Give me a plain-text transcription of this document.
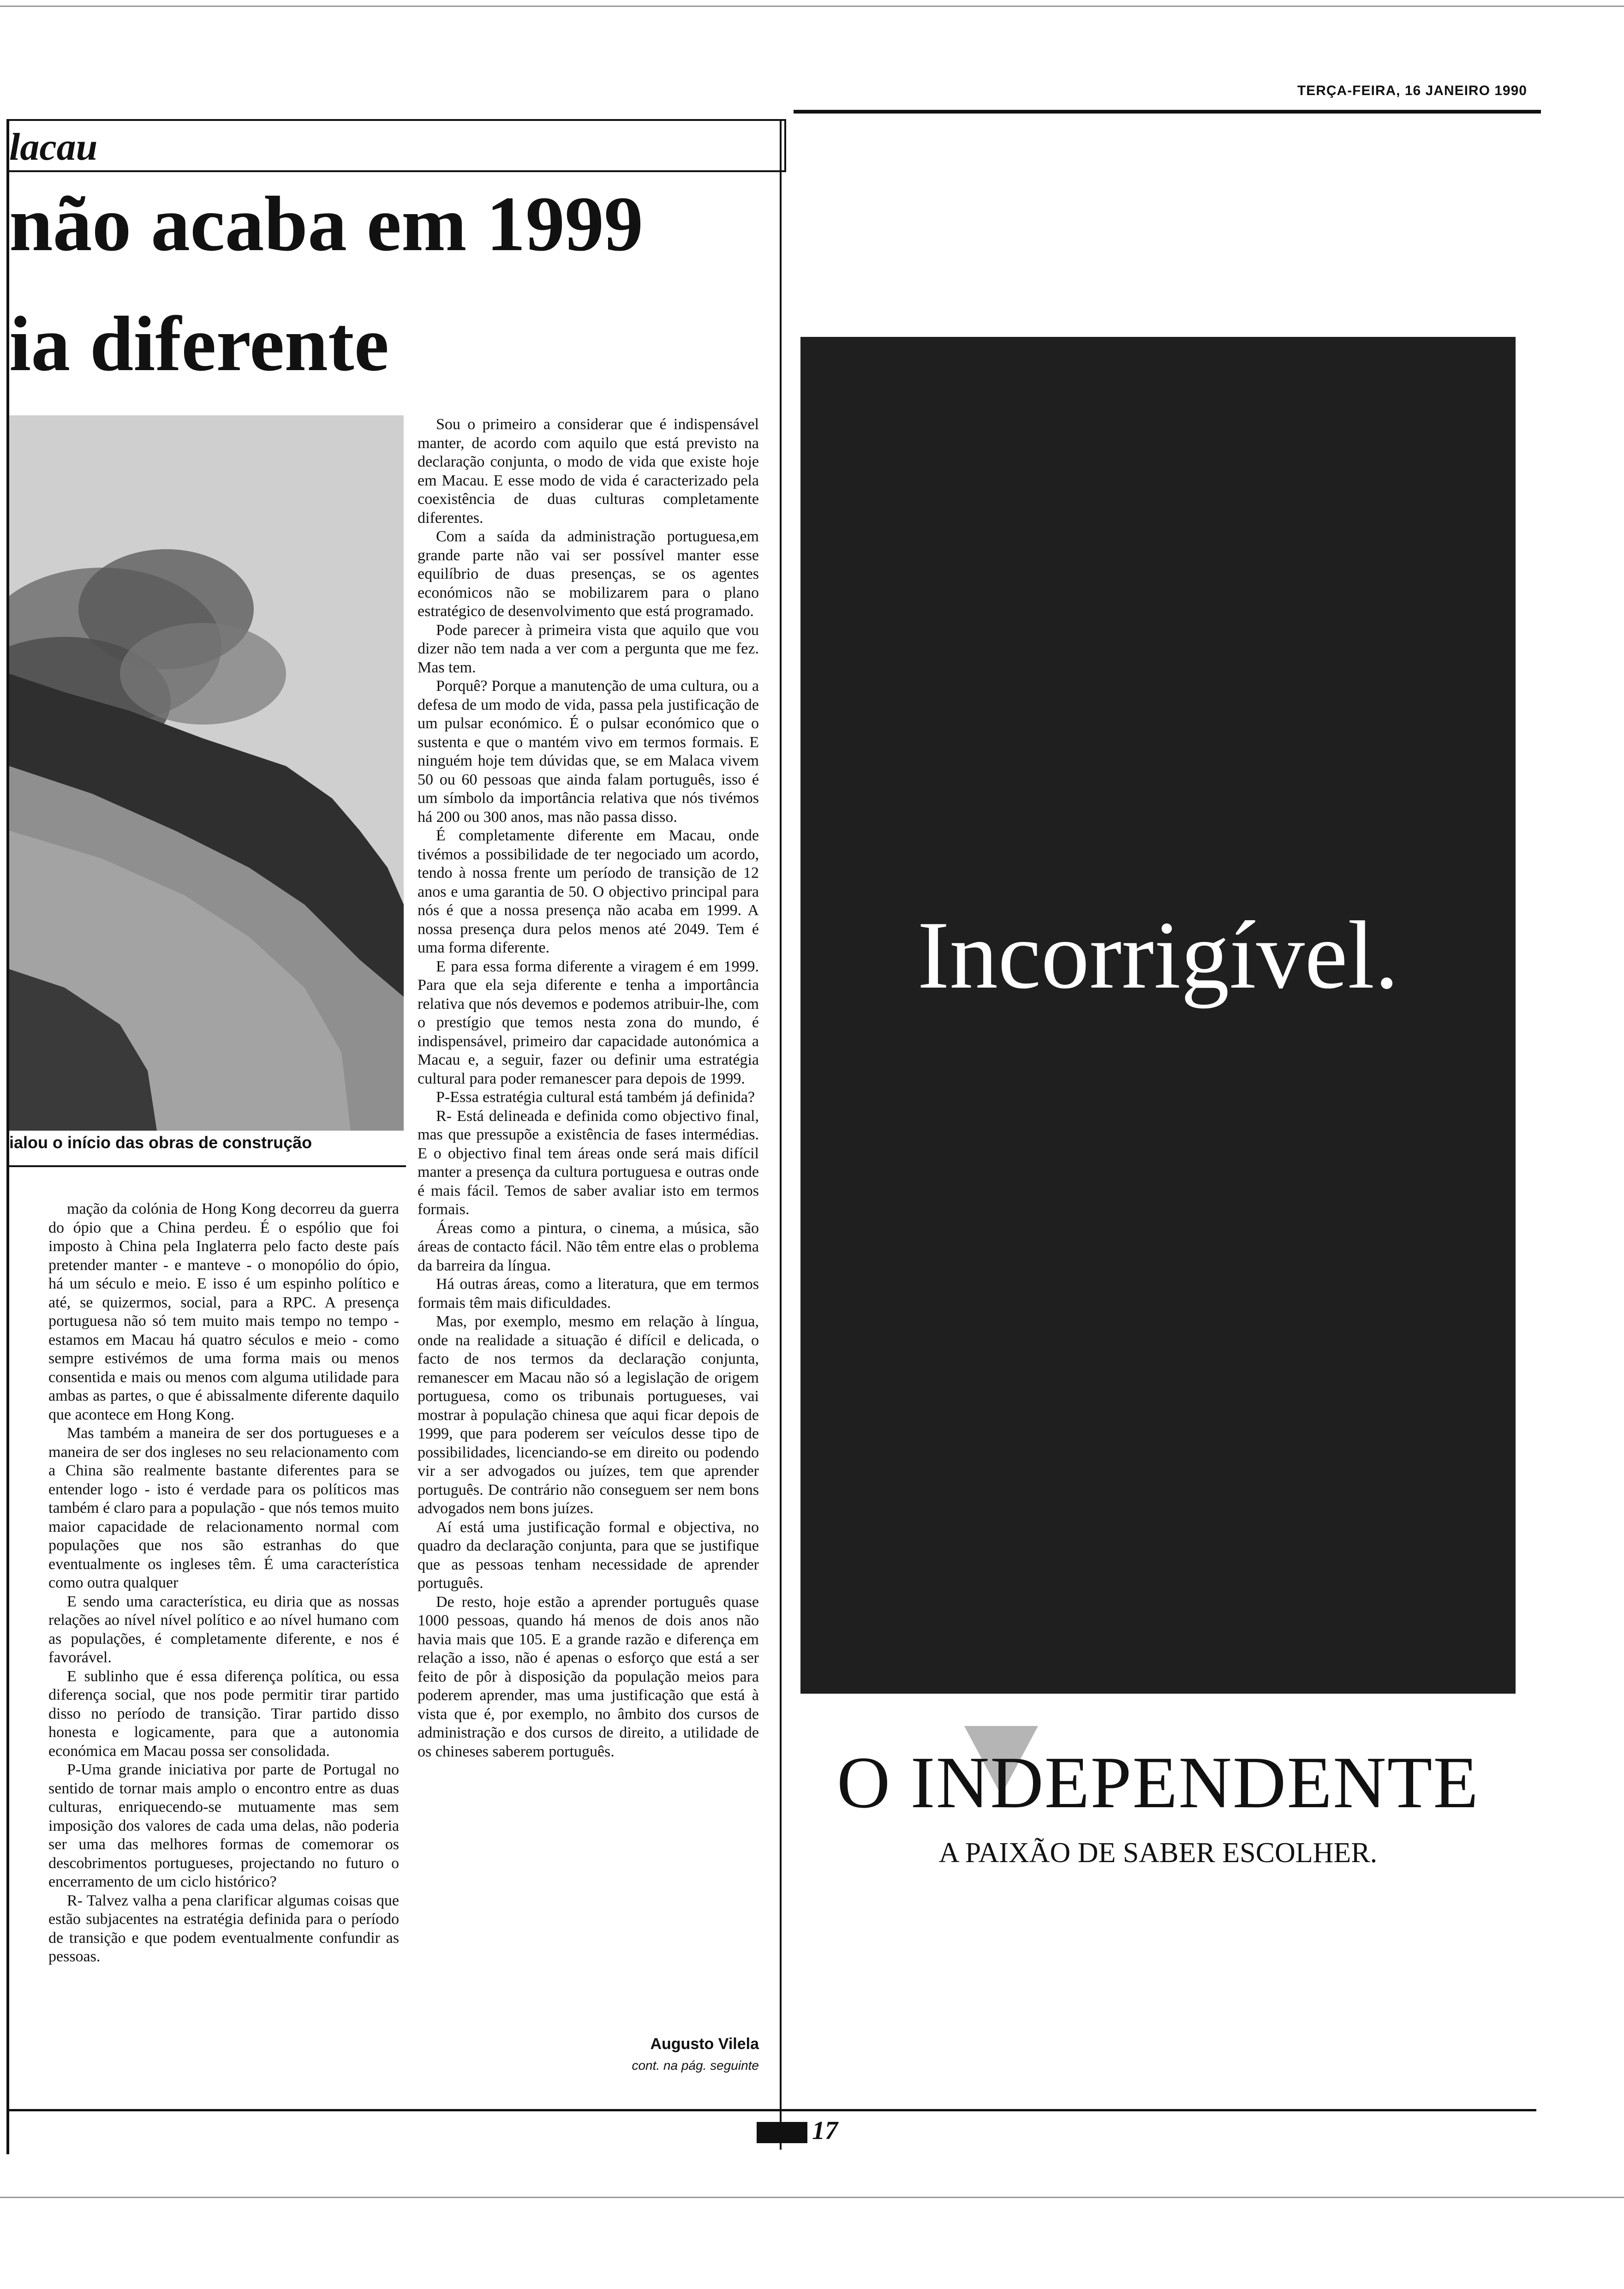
TERÇA-FEIRA, 16 JANEIRO 1990
lacau
não acaba em 1999
ia diferente
ialou o início das obras de construção

mação da colónia de Hong Kong decorreu da guerra do ópio que a China perdeu. É o espólio que foi imposto à China pela Inglaterra pelo facto deste país pretender manter - e manteve - o monopólio do ópio, há um século e meio. E isso é um espinho político e até, se quizermos, social, para a RPC. A presença portuguesa não só tem muito mais tempo no tempo - estamos em Macau há quatro séculos e meio - como sempre estivémos de uma forma mais ou menos consentida e mais ou menos com alguma utilidade para ambas as partes, o que é abissalmente diferente daquilo que acontece em Hong Kong.

Mas também a maneira de ser dos portugueses e a maneira de ser dos ingleses no seu relacionamento com a China são realmente bastante diferentes para se entender logo - isto é verdade para os políticos mas também é claro para a população - que nós temos muito maior capacidade de relacionamento normal com populações que nos são estranhas do que eventualmente os ingleses têm. É uma característica como outra qualquer

E sendo uma característica, eu diria que as nossas relações ao nível nível político e ao nível humano com as populações, é completamente diferente, e nos é favorável.

E sublinho que é essa diferença política, ou essa diferença social, que nos pode permitir tirar partido disso no período de transição. Tirar partido disso honesta e logicamente, para que a autonomia económica em Macau possa ser consolidada.

P-Uma grande iniciativa por parte de Portugal no sentido de tornar mais amplo o encontro entre as duas culturas, enriquecendo-se mutuamente mas sem imposição dos valores de cada uma delas, não poderia ser uma das melhores formas de comemorar os descobrimentos portugueses, projectando no futuro o encerramento de um ciclo histórico?

R- Talvez valha a pena clarificar algumas coisas que estão subjacentes na estratégia definida para o período de transição e que podem eventualmente confundir as pessoas.

Sou o primeiro a considerar que é indispensável manter, de acordo com aquilo que está previsto na declaração conjunta, o modo de vida que existe hoje em Macau. E esse modo de vida é caracterizado pela coexistência de duas culturas completamente diferentes.

Com a saída da administração portuguesa,em grande parte não vai ser possível manter esse equilíbrio de duas presenças, se os agentes económicos não se mobilizarem para o plano estratégico de desenvolvimento que está programado.

Pode parecer à primeira vista que aquilo que vou dizer não tem nada a ver com a pergunta que me fez. Mas tem.

Porquê? Porque a manutenção de uma cultura, ou a defesa de um modo de vida, passa pela justificação de um pulsar económico. É o pulsar económico que o sustenta e que o mantém vivo em termos formais. E ninguém hoje tem dúvidas que, se em Malaca vivem 50 ou 60 pessoas que ainda falam português, isso é um símbolo da importância relativa que nós tivémos há 200 ou 300 anos, mas não passa disso.

É completamente diferente em Macau, onde tivémos a possibilidade de ter negociado um acordo, tendo à nossa frente um período de transição de 12 anos e uma garantia de 50. O objectivo principal para nós é que a nossa presença não acaba em 1999. A nossa presença dura pelos menos até 2049. Tem é uma forma diferente.

E para essa forma diferente a viragem é em 1999. Para que ela seja diferente e tenha a importância relativa que nós devemos e podemos atribuir-lhe, com o prestígio que temos nesta zona do mundo, é indispensável, primeiro dar capacidade autonómica a Macau e, a seguir, fazer ou definir uma estratégia cultural para poder remanescer para depois de 1999.

P-Essa estratégia cultural está também já definida?

R- Está delineada e definida como objectivo final, mas que pressupõe a existência de fases intermédias. E o objectivo final tem áreas onde será mais difícil manter a presença da cultura portuguesa e outras onde é mais fácil. Temos de saber avaliar isto em termos formais.

Áreas como a pintura, o cinema, a música, são áreas de contacto fácil. Não têm entre elas o problema da barreira da língua.

Há outras áreas, como a literatura, que em termos formais têm mais dificuldades.

Mas, por exemplo, mesmo em relação à língua, onde na realidade a situação é difícil e delicada, o facto de nos termos da declaração conjunta, remanescer em Macau não só a legislação de origem portuguesa, como os tribunais portugueses, vai mostrar à população chinesa que aqui ficar depois de 1999, que para poderem ser veículos desse tipo de possibilidades, licenciando-se em direito ou podendo vir a ser advogados ou juízes, tem que aprender português. De contrário não conseguem ser nem bons advogados nem bons juízes.

Aí está uma justificação formal e objectiva, no quadro da declaração conjunta, para que se justifique que as pessoas tenham necessidade de aprender português.

De resto, hoje estão a aprender português quase 1000 pessoas, quando há menos de dois anos não havia mais que 105. E a grande razão e diferença em relação a isso, não é apenas o esforço que está a ser feito de pôr à disposição da população meios para poderem aprender, mas uma justificação que está à vista que é, por exemplo, no âmbito dos cursos de administração e dos cursos de direito, a utilidade de os chineses saberem português.

Augusto Vilela
cont. na pág. seguinte
Incorrigível.
O INDEPENDENTE
A PAIXÃO DE SABER ESCOLHER.
17
